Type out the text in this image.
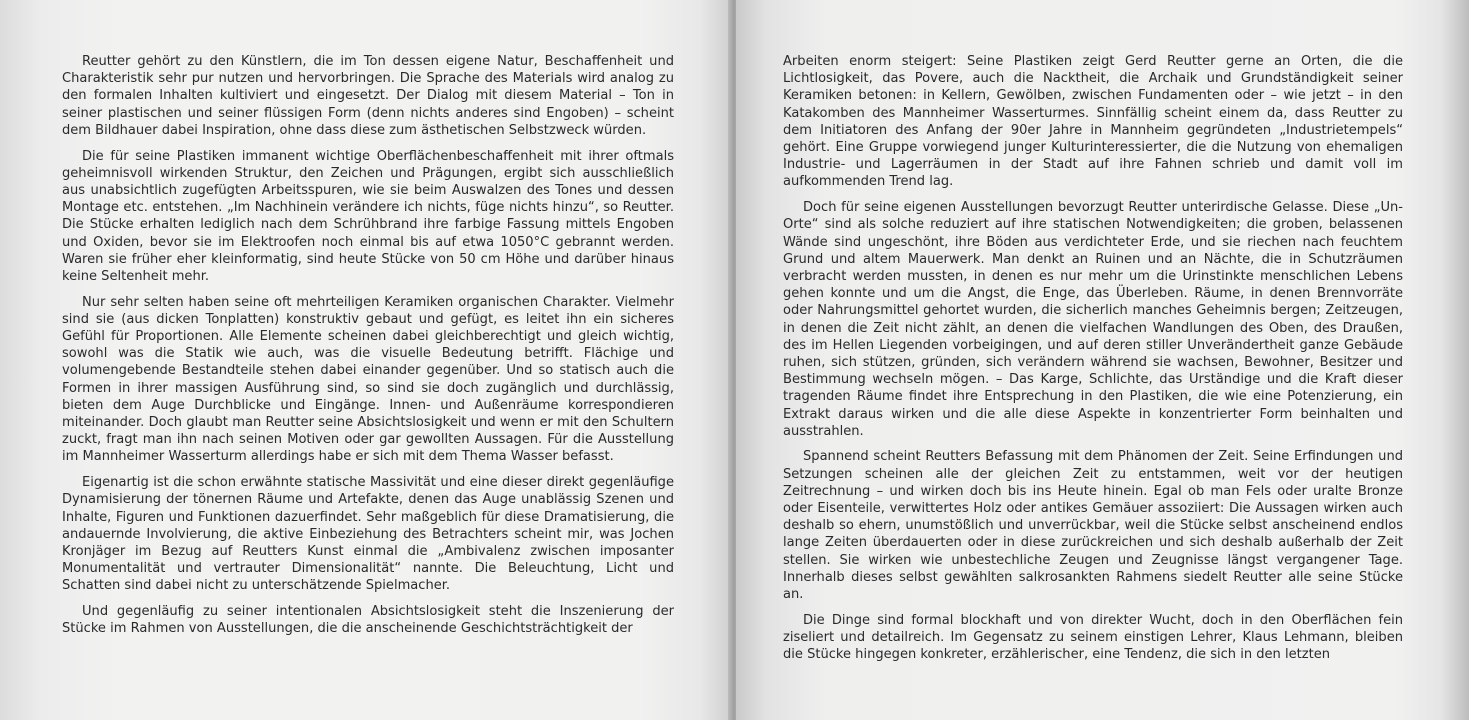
Reutter gehört zu den Künstlern, die im Ton dessen eigene Natur, Beschaffenheit und Charakteristik sehr pur nutzen und hervorbringen. Die Sprache des Materials wird analog zu den formalen Inhalten kultiviert und eingesetzt. Der Dialog mit diesem Material – Ton in seiner plastischen und seiner flüssigen Form (denn nichts anderes sind Engoben) – scheint dem Bildhauer dabei Inspiration, ohne dass diese zum ästhetischen Selbstzweck würden.

Die für seine Plastiken immanent wichtige Oberflächenbeschaffenheit mit ihrer oftmals geheimnisvoll wirkenden Struktur, den Zeichen und Prägungen, ergibt sich ausschließlich aus unabsichtlich zugefügten Arbeitsspuren, wie sie beim Auswalzen des Tones und dessen Montage etc. entstehen. „Im Nachhinein verändere ich nichts, füge nichts hinzu“, so Reutter. Die Stücke erhalten lediglich nach dem Schrühbrand ihre farbige Fassung mittels Engoben und Oxiden, bevor sie im Elektroofen noch einmal bis auf etwa 1050°C gebrannt werden. Waren sie früher eher kleinformatig, sind heute Stücke von 50 cm Höhe und darüber hinaus keine Seltenheit mehr.

Nur sehr selten haben seine oft mehrteiligen Keramiken organischen Charakter. Vielmehr sind sie (aus dicken Tonplatten) konstruktiv gebaut und gefügt, es leitet ihn ein sicheres Gefühl für Proportionen. Alle Elemente scheinen dabei gleichberechtigt und gleich wichtig, sowohl was die Statik wie auch, was die visuelle Bedeutung betrifft. Flächige und volumengebende Bestandteile stehen dabei einander gegenüber. Und so statisch auch die Formen in ihrer massigen Ausführung sind, so sind sie doch zugänglich und durchlässig, bieten dem Auge Durchblicke und Eingänge. Innen- und Außenräume korrespondieren miteinander. Doch glaubt man Reutter seine Absichtslosigkeit und wenn er mit den Schultern zuckt, fragt man ihn nach seinen Motiven oder gar gewollten Aussagen. Für die Ausstellung im Mannheimer Wasserturm allerdings habe er sich mit dem Thema Wasser befasst.

Eigenartig ist die schon erwähnte statische Massivität und eine dieser direkt gegenläufige Dynamisierung der tönernen Räume und Artefakte, denen das Auge unablässig Szenen und Inhalte, Figuren und Funktionen dazuerfindet. Sehr maßgeblich für diese Dramatisierung, die andauernde Involvierung, die aktive Einbeziehung des Betrachters scheint mir, was Jochen Kronjäger im Bezug auf Reutters Kunst einmal die „Ambivalenz zwischen imposanter Monumentalität und vertrauter Dimensionalität“ nannte. Die Beleuchtung, Licht und Schatten sind dabei nicht zu unterschätzende Spielmacher.

Und gegenläufig zu seiner intentionalen Absichtslosigkeit steht die Inszenierung der Stücke im Rahmen von Ausstellungen, die die anscheinende Geschichtsträchtigkeit der

Arbeiten enorm steigert: Seine Plastiken zeigt Gerd Reutter gerne an Orten, die die Lichtlosigkeit, das Povere, auch die Nacktheit, die Archaik und Grundständigkeit seiner Keramiken betonen: in Kellern, Gewölben, zwischen Fundamenten oder – wie jetzt – in den Katakomben des Mannheimer Wasserturmes. Sinnfällig scheint einem da, dass Reutter zu dem Initiatoren des Anfang der 90er Jahre in Mannheim gegründeten „Industrietempels“ gehört. Eine Gruppe vorwiegend junger Kulturinteressierter, die die Nutzung von ehemaligen Industrie- und Lagerräumen in der Stadt auf ihre Fahnen schrieb und damit voll im aufkommenden Trend lag.

Doch für seine eigenen Ausstellungen bevorzugt Reutter unterirdische Gelasse. Diese „Un-Orte“ sind als solche reduziert auf ihre statischen Notwendigkeiten; die groben, belassenen Wände sind ungeschönt, ihre Böden aus verdichteter Erde, und sie riechen nach feuchtem Grund und altem Mauerwerk. Man denkt an Ruinen und an Nächte, die in Schutzräumen verbracht werden mussten, in denen es nur mehr um die Urinstinkte menschlichen Lebens gehen konnte und um die Angst, die Enge, das Überleben. Räume, in denen Brennvorräte oder Nahrungsmittel gehortet wurden, die sicherlich manches Geheimnis bergen; Zeitzeugen, in denen die Zeit nicht zählt, an denen die vielfachen Wandlungen des Oben, des Draußen, des im Hellen Liegenden vorbeigingen, und auf deren stiller Unverändertheit ganze Gebäude ruhen, sich stützen, gründen, sich verändern während sie wachsen, Bewohner, Besitzer und Bestimmung wechseln mögen. – Das Karge, Schlichte, das Urständige und die Kraft dieser tragenden Räume findet ihre Entsprechung in den Plastiken, die wie eine Potenzierung, ein Extrakt daraus wirken und die alle diese Aspekte in konzentrierter Form beinhalten und ausstrahlen.

Spannend scheint Reutters Befassung mit dem Phänomen der Zeit. Seine Erfindungen und Setzungen scheinen alle der gleichen Zeit zu entstammen, weit vor der heutigen Zeitrechnung – und wirken doch bis ins Heute hinein. Egal ob man Fels oder uralte Bronze oder Eisenteile, verwittertes Holz oder antikes Gemäuer assoziiert: Die Aussagen wirken auch deshalb so ehern, unumstößlich und unverrückbar, weil die Stücke selbst anscheinend endlos lange Zeiten überdauerten oder in diese zurückreichen und sich deshalb außerhalb der Zeit stellen. Sie wirken wie unbestechliche Zeugen und Zeugnisse längst vergangener Tage. Innerhalb dieses selbst gewählten salkrosankten Rahmens siedelt Reutter alle seine Stücke an.

Die Dinge sind formal blockhaft und von direkter Wucht, doch in den Oberflächen fein ziseliert und detailreich. Im Gegensatz zu seinem einstigen Lehrer, Klaus Lehmann, bleiben die Stücke hingegen konkreter, erzählerischer, eine Tendenz, die sich in den letzten
